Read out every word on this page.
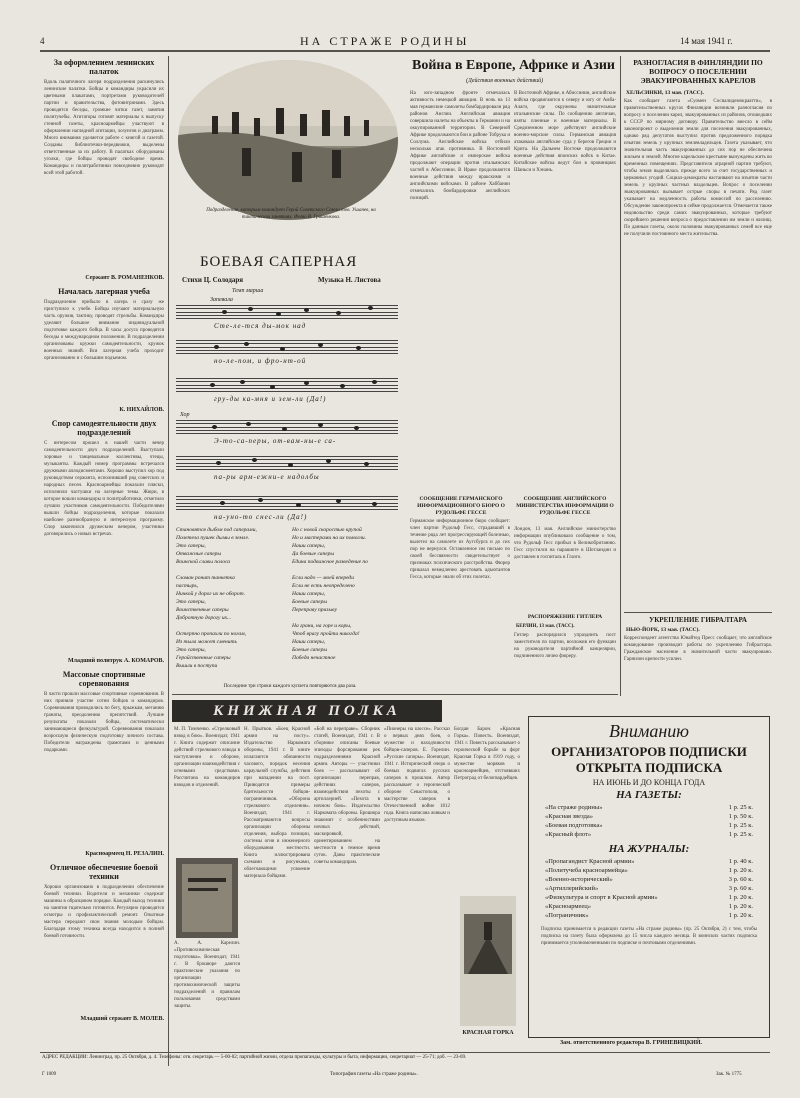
4	НА СТРАЖЕ РОДИНЫ	14 мая 1941 г.
За оформлением ленинских палаток
Вдоль палаточного лагеря подразделения раскинулись ленинские палатки. Бойцы и командиры украсили их цветными плакатами, портретами руководителей партии и правительства, фотовитринами. Здесь проводятся беседы, громкие читки газет, занятия политучебы. Агитаторы готовят материалы к выпуску стенной газеты, красноармейцы участвуют в оформлении наглядной агитации, лозунгов и диаграмм. Много внимания уделяется работе с книгой и газетой. Созданы библиотечки-передвижки, выделены ответственные за их работу. В палатках оборудованы уголки, где бойцы проводят свободное время. Командиры и политработники повседневно руководят всей этой работой.
Сержант В. РОМАНЕНКОВ.
Началась лагерная учеба
Подразделение прибыло в лагерь и сразу же приступило к учебе. Бойцы изучают материальную часть оружия, тактику, проводят стрельбы. Командиры уделяют большое внимание индивидуальной подготовке каждого бойца. В часы досуга проводятся беседы о международном положении. В подразделении организованы кружки самодеятельности, кружок военных знаний. Вся лагерная учеба проходит организованно и с большим подъемом.
К. НИХАЙЛОВ.
Спор самодеятельности двух подразделений
С интересом прошел в нашей части вечер самодеятельности двух подразделений. Выступали хоровые и танцевальные коллективы, чтецы, музыканты. Каждый номер программы встречался дружными аплодисментами. Хорошо выступил хор под руководством сержанта, исполнивший ряд советских и народных песен. Красноармейцы показали пляски, исполнили частушки на лагерные темы. Жюри, в которое вошли командиры и политработники, отметило лучших участников самодеятельности. Победителями вышли бойцы подразделения, которые показали наиболее разнообразную и интересную программу. Спор закончился дружеским вечером, участники договорились о новых встречах.
Младший политрук А. КОМАРОВ.
Массовые спортивные соревнования
В части прошли массовые спортивные соревнования. В них приняли участие сотни бойцов и командиров. Соревнования проводились по бегу, прыжкам, метанию гранаты, преодолению препятствий. Лучшие результаты показали бойцы, систематически занимающиеся физкультурой. Соревнования показали возросшую физическую подготовку личного состава. Победители награждены грамотами и ценными подарками.
Красноармеец Н. РЕЗАЛИН.
Отличное обеспечение боевой техники
Хорошо организовано в подразделении обеспечение боевой техники. Водители и механики содержат машины в образцовом порядке. Каждый выход техники на занятия тщательно готовится. Регулярно проводятся осмотры и профилактический ремонт. Опытные мастера передают свои знания молодым бойцам. Благодаря этому техника всегда находится в полной боевой готовности.
Младший сержант В. МОЛЕВ.
Подразделение, которым командует Герой Советского Союза тов. Ушанев, на тактических занятиях. Фото В. Гришенкова.
БОЕВАЯ САПЕРНАЯ
Стихи Ц. Солодаря	Музыка Н. Листова
Темп марша
Запевала
Сте-ле-тся ды-мок над
но-ле-пом, и фро-нт-ой
гру-ды ка-мня и зем-ли (Да!)
Хор
Э-то-са-перы, от-вам-ны-е са-
па-ры арм-ежни-е надолбы
на-уно-то снес-ли (Да!)
Становятся дыбом под саперами,
Полетела пушек дымы в земле.
Это саперы,
Отважные саперы
Воинской славы полоса

Сломан ронит танкетка
пастырь,
Ничкой у дорог их не оборот.
Это саперы,
Воинственные саперы
Добротную дорогу их...

Остерпно пропахли по ногам,
Из тыла может сменить
Это саперы,
Геройственные саперы
Вышли в поступи
Но с новой скоростью крупой
Но и мастерами на их помогли.
Наши саперы,
Да боевые саперы
Едина подвижное разведение по

Если надо — моей впереди
Если не есть неопределено
Наши саперы,
Боевые саперы
Переправу призыву

На грани, на горе и коры,
Чтоб врагу пройти никогда!
Наши саперы,
Боевые саперы
Победа нечастное
Последние три строки каждого куплета повторяются два раза.
Война в Европе, Африке и Азии
(Действия военных действий)
На юго-западном фронте отмечалась активность немецкой авиации. В ночь на 13 мая германские самолеты бомбардировали ряд районов Англии. Английская авиация совершила налеты на объекты в Германии и на оккупированной территории. В Северной Африке продолжаются бои в районе Тобрука и Соллума. Английские войска отбили несколько атак противника. В Восточной Африке английские и имперские войска продолжают операции против итальянских частей в Абиссинии. В Ираке продолжаются военные действия между иракскими и английскими войсками. В районе Хаббании отмечались бомбардировки английских позиций.
В Восточной Африке, в Абиссинии, английские войска продвигаются к северу и югу от Амба-Алаги, где окружены значительные итальянские силы. По сообщению англичан, взяты пленные и военные материалы. В Средиземном море действуют английские военно-морские силы. Германская авиация атаковала английские суда у берегов Греции и Крита. На Дальнем Востоке продолжаются военные действия японских войск в Китае. Китайские войска ведут бои в провинциях Шаньси и Хэнань.
СООБЩЕНИЕ ГЕРМАНСКОГО ИНФОРМАЦИОННОГО БЮРО О РУДОЛЬФЕ ГЕССЕ
Германское информационное бюро сообщает: член партии Рудольф Гесс, страдавший в течение ряда лет прогрессирующей болезнью, вылетел на самолете из Аугсбурга и до сих пор не вернулся. Оставленное им письмо по своей бессвязности свидетельствует о признаках психического расстройства. Фюрер приказал немедленно арестовать адъютантов Гесса, которые знали об этих полетах.
СООБЩЕНИЕ АНГЛИЙСКОГО МИНИСТЕРСТВА ИНФОРМАЦИИ О РУДОЛЬФЕ ГЕССЕ
Лондон, 13 мая. Английское министерство информации опубликовало сообщение о том, что Рудольф Гесс прибыл в Великобританию. Гесс спустился на парашюте в Шотландии и доставлен в госпиталь в Глазго.
РАСПОРЯЖЕНИЕ ГИТЛЕРА
БЕРЛИН, 13 мая. (ТАСС).
Гитлер распорядился упразднить пост заместителя по партии, возложив его функции на руководителя партийной канцелярии, подчиненного лично фюреру.
РАЗНОГЛАСИЯ В ФИНЛЯНДИИ ПО ВОПРОСУ О ПОСЕЛЕНИИ ЭВАКУИРОВАННЫХ КАРЕЛОВ
ХЕЛЬСИНКИ, 13 мая. (ТАСС).
Как сообщает газета «Суомен Сосиалидемокраатти», в правительственных кругах Финляндии возникли разногласия по вопросу о поселении карел, эвакуированных из районов, отошедших к СССР по мирному договору. Правительство внесло в сейм законопроект о выделении земли для поселения эвакуированных, однако ряд депутатов выступил против предложенного порядка изъятия земель у крупных землевладельцев. Газета указывает, что значительная часть эвакуированных до сих пор не обеспечена жильем и землей. Многие карельские крестьяне вынуждены жить во временных помещениях. Представители аграрной партии требуют, чтобы земля выделялась прежде всего за счет государственных и церковных угодий. Социал-демократы настаивают на изъятии части земель у крупных частных владельцев. Вопрос о поселении эвакуированных вызывает острые споры в печати. Ряд газет указывает на медленность работы комиссий по расселению. Обсуждение законопроекта в сейме продолжается. Отмечается также недовольство среди самих эвакуированных, которые требуют скорейшего решения вопроса о предоставлении им земли и жилищ. По данным газеты, около половины эвакуированных семей все еще не получили постоянного места жительства.
УКРЕПЛЕНИЕ ГИБРАЛТАРА
НЬЮ-ЙОРК, 13 мая. (ТАСС).
Корреспондент агентства Юнайтед Пресс сообщает, что английское командование производит работы по укреплению Гибралтара. Гражданское население в значительной части эвакуировано. Гарнизон крепости усилен.
КНИЖНАЯ ПОЛКА
М. П. Тимченко. «Стрелковый взвод в бою». Воениздат, 1941 г. Книга содержит описание действий стрелкового взвода в наступлении и обороне, организации взаимодействия с огневыми средствами. Рассчитана на командиров взводов и отделений.
А. А. Карелин. «Противохимическая подготовка». Воениздат, 1941 г. В брошюре даются практические указания по организации противохимической защиты подразделений и правилам пользования средствами защиты.
Н. Прытков. «Боец Красной армии на посту». Издательство Наркомата обороны, 1941 г. В книге излагаются обязанности часового, порядок несения караульной службы, действия при нападении на пост. Приводятся примеры бдительности бойцов-пограничников. «Оборона стрелкового отделения». Воениздат, 1941 г. Рассматриваются вопросы организации обороны отделения, выбора позиции, системы огня и инженерного оборудования местности. Книга иллюстрирована схемами и рисунками, облегчающими усвоение материала бойцами.
«Бой на переправе». Сборник статей, Воениздат, 1941 г. В сборнике описаны боевые эпизоды форсирования рек подразделениями Красной армии. Авторы — участники боев — рассказывают об организации переправ, действиях саперов, взаимодействии пехоты с артиллерией. «Пехота в ночном бою». Издательство Наркомата обороны. Брошюра знакомит с особенностями ночных действий, маскировкой, ориентированием на местности в темное время суток. Даны практические советы командирам.
«Пионеры на шоссе». Рассказ о первых днях боев, о мужестве и находчивости бойцов-саперов. Е. Горелин. «Русские сапоры». Воениздат, 1941 г. Исторический очерк о боевых подвигах русских саперов в прошлом. Автор рассказывает о героической обороне Севастополя, о мастерстве саперов в Отечественной войне 1812 года. Книга написана живым и доступным языком.
Богдан Барон. «Красная Горка». Повесть. Воениздат, 1941 г. Повесть рассказывает о героической борьбе за форт Красная Горка в 1919 году, о мужестве моряков и красноармейцев, отстоявших Петроград от белогвардейцев.
КРАСНАЯ ГОРКА
Вниманию
ОРГАНИЗАТОРОВ ПОДПИСКИ
ОТКРЫТА ПОДПИСКА
НА ИЮНЬ И ДО КОНЦА ГОДА
НА ГАЗЕТЫ:
«На страже родины»	1 р. 25 к.
«Красная звезда»	1 р. 50 к.
«Боевая подготовка»	1 р. 25 к.
«Красный флот»	1 р. 25 к.
НА ЖУРНАЛЫ:
«Пропагандист Красной армии»	1 р. 40 к.
«Политучеба красноармейца»	1 р. 20 к.
«Военно-исторический»	3 р. 60 к.
«Артиллерийский»	3 р. 60 к.
«Физкультура и спорт в Красной армии»	1 р. 20 к.
«Красноармеец»	1 р. 20 к.
«Пограничник»	1 р. 20 к.
Подписка принимается в редакции газеты «На страже родины» (пр. 25 Октября, 2) с тем, чтобы подписка на газету была оформлена до 15 числа каждого месяца. В воинских частях подписка принимается уполномоченными по подписке и почтовыми отделениями.
Зам. ответственного редактора В. ГРИНЕВИЦКИЙ.
АДРЕС РЕДАКЦИИ: Ленинград, пр. 25 Октября, д. 4. Телефоны: отв. секретарь — 5-00-02; партийной жизни, отдела пропаганды, культуры и быта, информации, секретариат — 25-71; доб. — 23-69.
Г 1009	Типография газеты «На страже родины».	Зак. № 1775
